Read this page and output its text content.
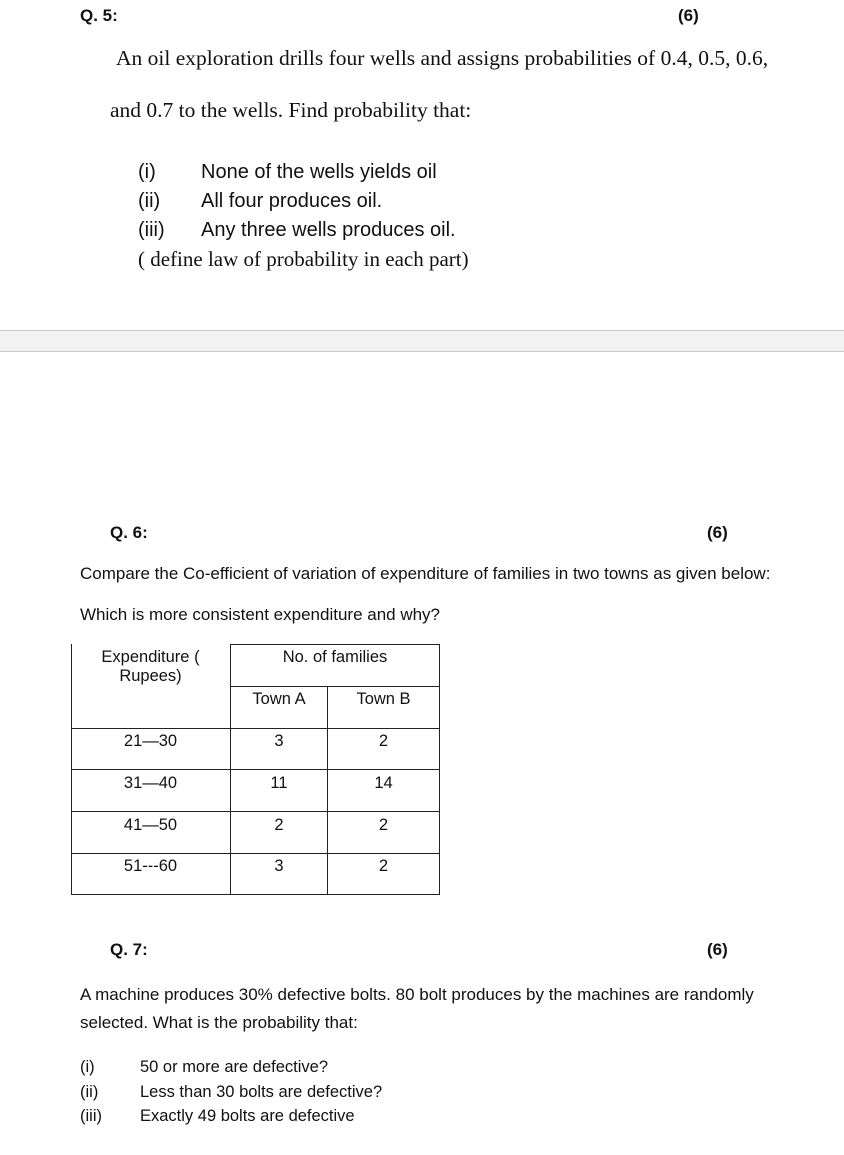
Q. 5:	(6)
An oil exploration drills four wells and assigns probabilities of 0.4, 0.5, 0.6,
and 0.7 to the wells. Find probability that:
(i) None of the wells yields oil
(ii) All four produces oil.
(iii) Any three wells produces oil.
( define law of probability in each part)
Q. 6:	(6)
Compare the Co-efficient of variation of expenditure of families in two towns as given below:
Which is more consistent expenditure and why?
Expenditure (
Rupees)
No. of families
Town A	Town B
21—30	3	2
31—40	11	14
41—50	2	2
51---60	3	2
Q. 7:	(6)
A machine produces 30% defective bolts. 80 bolt produces by the machines are randomly
selected. What is the probability that:
(i)	50 or more are defective?
(ii)	Less than 30 bolts are defective?
(iii) Exactly 49 bolts are defective
